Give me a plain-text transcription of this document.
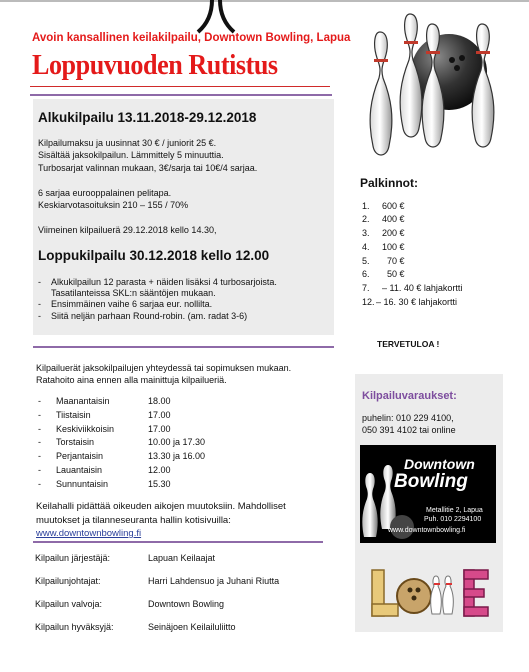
Avoin kansallinen keilakilpailu, Downtown Bowling, Lapua
Loppuvuoden Rutistus
Alkukilpailu 13.11.2018-29.12.2018
Kilpailumaksu ja uusinnat 30 € / juniorit 25 €.
Sisältää jaksokilpailun. Lämmittely 5 minuuttia.
Turbosarjat valinnan mukaan, 3€/sarja tai 10€/4 sarjaa.
6 sarjaa eurooppalainen pelitapa.
Keskiarvotasoituksin 210 – 155 / 70%
Viimeinen kilpailuerä 29.12.2018 kello 14.30,
Loppukilpailu 30.12.2018 kello 12.00
- Alkukilpailun 12 parasta + näiden lisäksi 4 turbosarjoista. Tasatilanteissa SKL:n sääntöjen mukaan.
- Ensimmäinen vaihe 6 sarjaa eur. nollilta.
- Siitä neljän parhaan Round-robin. (am. radat 3-6)
Palkinnot:
1. 600 €
2. 400 €
3. 200 €
4. 100 €
5.  70 €
6.  50 €
7. – 11. 40 € lahjakortti
12.– 16. 30 € lahjakortti
TERVETULOA !
Kilpailuerät jaksokilpailujen yhteydessä tai sopimuksen mukaan.
Ratahoito aina ennen alla mainittuja kilpailueriä.
- Maanantaisin	18.00
- Tiistaisin	17.00
- Keskiviikkoisin	17.00
- Torstaisin	10.00 ja 17.30
- Perjantaisin	13.30 ja 16.00
- Lauantaisin	12.00
- Sunnuntaisin	15.30
Keilahalli pidättää oikeuden aikojen muutoksiin. Mahdolliset
muutokset ja tilanneseuranta hallin kotisivuilla:
www.downtownbowling.fi
Kilpailun järjestäjä:	Lapuan Keilaajat
Kilpailunjohtajat:	Harri Lahdensuo ja Juhani Riutta
Kilpailun valvoja:	Downtown Bowling
Kilpailun hyväksyjä:	Seinäjoen Keilailuliitto
Kilpailuvaraukset:
puhelin: 010 229 4100,
050 391 4102 tai online
Downtown
Bowling
Metallitie 2, Lapua
Puh. 010 2294100
www.downtownbowling.fi
